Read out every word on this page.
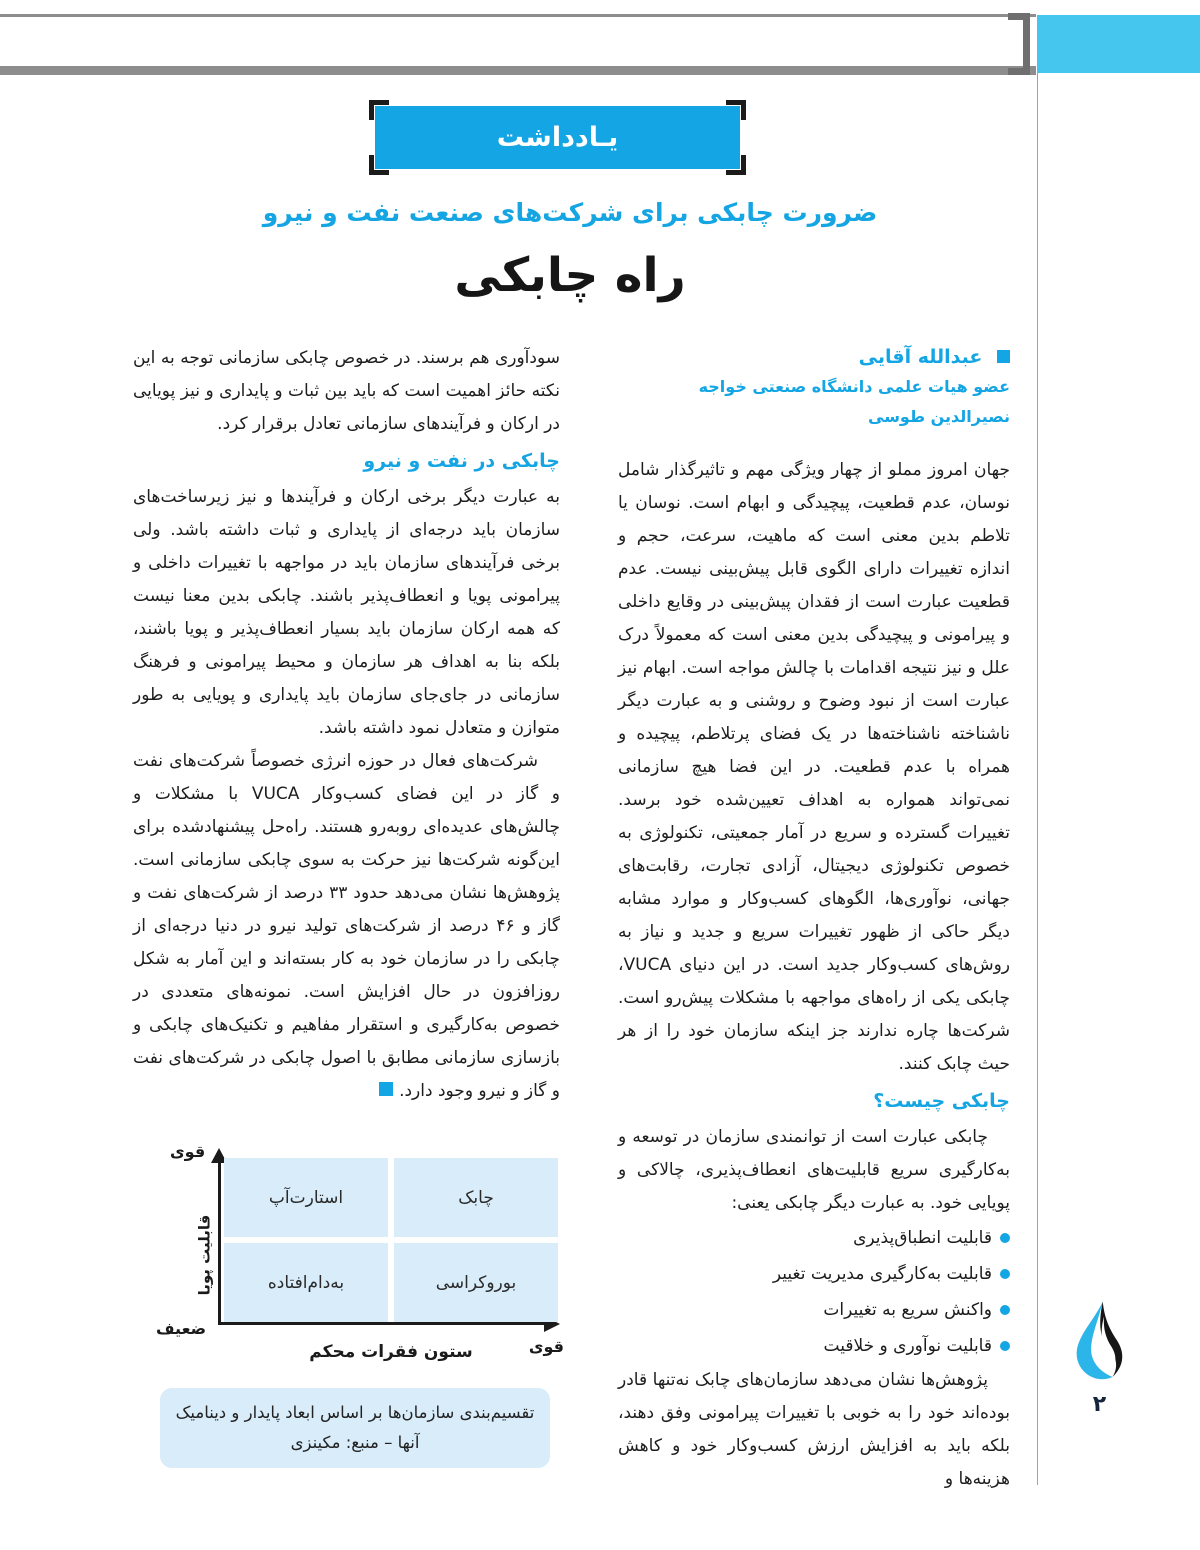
یـادداشت
ضرورت چابکی برای شرکت‌های صنعت نفت و نیرو
راه چابکی
عبدالله آقایی
عضو هیات علمی دانشگاه صنعتی خواجه نصیرالدین طوسی

جهان امروز مملو از چهار ویژگی مهم و تاثیرگذار شامل نوسان، عدم قطعیت، پیچیدگی و ابهام است. نوسان یا تلاطم بدین معنی است که ماهیت، سرعت، حجم و اندازه تغییرات دارای الگوی قابل پیش‌بینی نیست. عدم قطعیت عبارت است از فقدان پیش‌بینی در وقایع داخلی و پیرامونی و پیچیدگی بدین معنی است که معمولاً درک علل و نیز نتیجه اقدامات با چالش مواجه است. ابهام نیز عبارت است از نبود وضوح و روشنی و به عبارت دیگر ناشناخته ناشناخته‌ها در یک فضای پرتلاطم، پیچیده و همراه با عدم قطعیت. در این فضا هیچ سازمانی نمی‌تواند همواره به اهداف تعیین‌شده خود برسد. تغییرات گسترده و سریع در آمار جمعیتی، تکنولوژی به خصوص تکنولوژی دیجیتال، آزادی تجارت، رقابت‌های جهانی، نوآوری‌ها، الگوهای کسب‌وکار و موارد مشابه دیگر حاکی از ظهور تغییرات سریع و جدید و نیاز به روش‌های کسب‌وکار جدید است. در این دنیای VUCA، چابکی یکی از راه‌های مواجهه با مشکلات پیش‌رو است. شرکت‌ها چاره ندارند جز اینکه سازمان خود را از هر حیث چابک کنند.

چابکی چیست؟

چابکی عبارت است از توانمندی سازمان در توسعه و به‌کارگیری سریع قابلیت‌های انعطاف‌پذیری، چالاکی و پویایی خود. به عبارت دیگر چابکی یعنی:

قابلیت انطباق‌پذیری
قابلیت به‌کارگیری مدیریت تغییر
واکنش سریع به تغییرات
قابلیت نوآوری و خلاقیت

پژوهش‌ها نشان می‌دهد سازمان‌های چابک نه‌تنها قادر بوده‌اند خود را به خوبی با تغییرات پیرامونی وفق دهند، بلکه باید به افزایش ارزش کسب‌وکار خود و کاهش هزینه‌ها و

سودآوری هم برسند. در خصوص چابکی سازمانی توجه به این نکته حائز اهمیت است که باید بین ثبات و پایداری و نیز پویایی در ارکان و فرآیندهای سازمانی تعادل برقرار کرد.

چابکی در نفت و نیرو

به عبارت دیگر برخی ارکان و فرآیندها و نیز زیرساخت‌های سازمان باید درجه‌ای از پایداری و ثبات داشته باشد. ولی برخی فرآیندهای سازمان باید در مواجهه با تغییرات داخلی و پیرامونی پویا و انعطاف‌پذیر باشند. چابکی بدین معنا نیست که همه ارکان سازمان باید بسیار انعطاف‌پذیر و پویا باشند، بلکه بنا به اهداف هر سازمان و محیط پیرامونی و فرهنگ سازمانی در جای‌جای سازمان باید پایداری و پویایی به طور متوازن و متعادل نمود داشته باشد.

شرکت‌های فعال در حوزه انرژی خصوصاً شرکت‌های نفت و گاز در این فضای کسب‌وکار VUCA با مشکلات و چالش‌های عدیده‌ای روبه‌رو هستند. راه‌حل پیشنهادشده برای این‌گونه شرکت‌ها نیز حرکت به سوی چابکی سازمانی است. پژوهش‌ها نشان می‌دهد حدود ۳۳ درصد از شرکت‌های نفت و گاز و ۴۶ درصد از شرکت‌های تولید نیرو در دنیا درجه‌ای از چابکی را در سازمان خود به کار بسته‌اند و این آمار به شکل روزافزون در حال افزایش است. نمونه‌های متعددی در خصوص به‌کارگیری و استقرار مفاهیم و تکنیک‌های چابکی و بازسازی سازمانی مطابق با اصول چابکی در شرکت‌های نفت و گاز و نیرو وجود دارد.

استارت‌آپ	چابک
به‌دام‌افتاده	بوروکراسی
قوی
ضعیف
قابلیت پویا
قوی
ستون فقرات محکم
تقسیم‌بندی سازمان‌ها بر اساس ابعاد پایدار و دینامیک
آنها – منبع: مکینزی
۲
